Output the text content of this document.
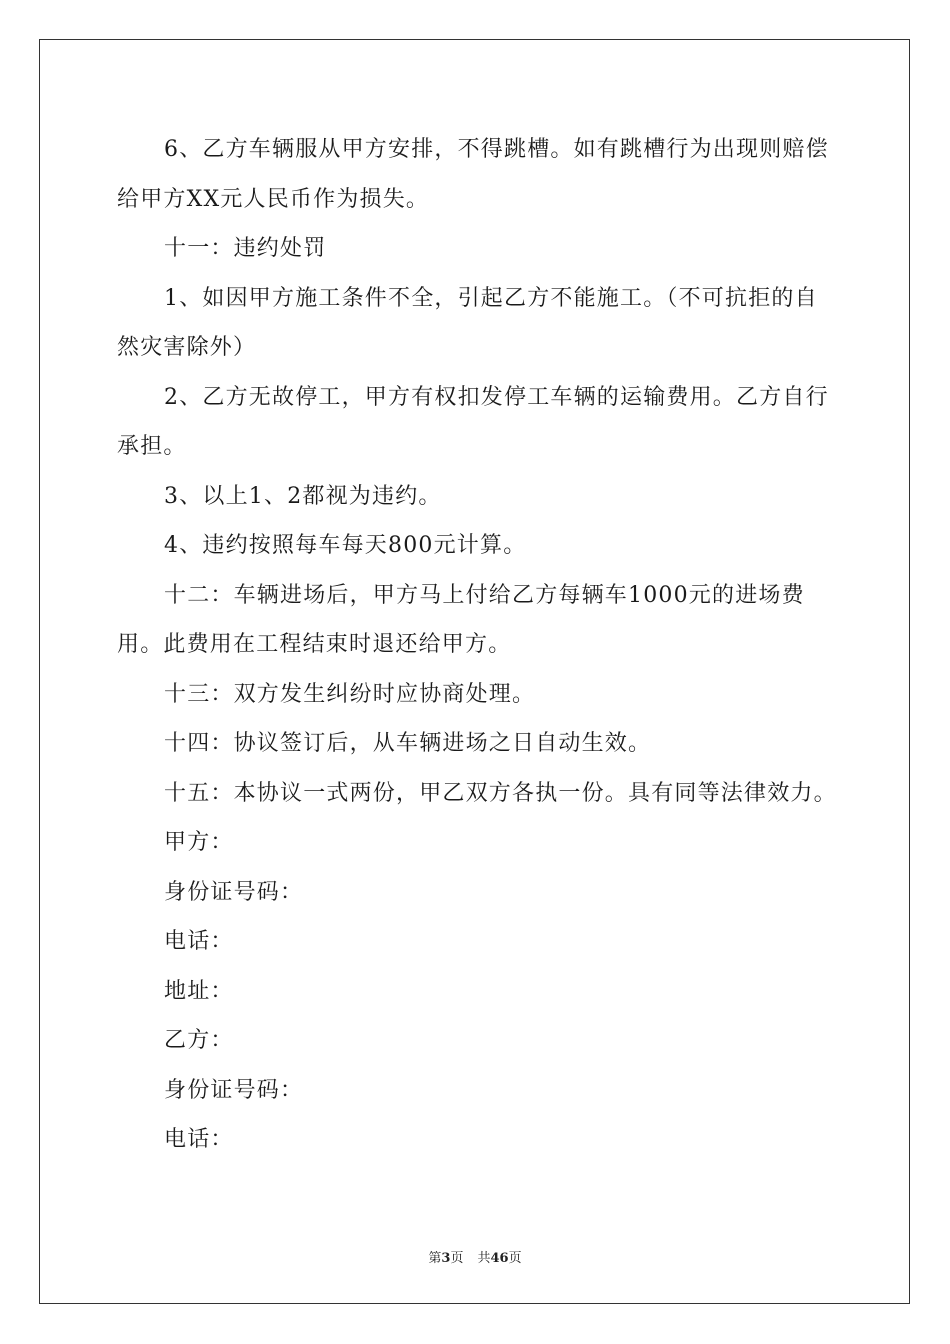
6、乙方车辆服从甲方安排，不得跳槽。如有跳槽行为出现则赔偿给甲方XX元人民币作为损失。

十一：违约处罚

1、如因甲方施工条件不全，引起乙方不能施工。（不可抗拒的自然灾害除外）

2、乙方无故停工，甲方有权扣发停工车辆的运输费用。乙方自行承担。

3、以上1、2都视为违约。

4、违约按照每车每天800元计算。

十二：车辆进场后，甲方马上付给乙方每辆车1000元的进场费用。此费用在工程结束时退还给甲方。

十三：双方发生纠纷时应协商处理。

十四：协议签订后，从车辆进场之日自动生效。

十五：本协议一式两份，甲乙双方各执一份。具有同等法律效力。

甲方：

身份证号码：

电话：

地址：

乙方：

身份证号码：

电话：

第3页 共46页
